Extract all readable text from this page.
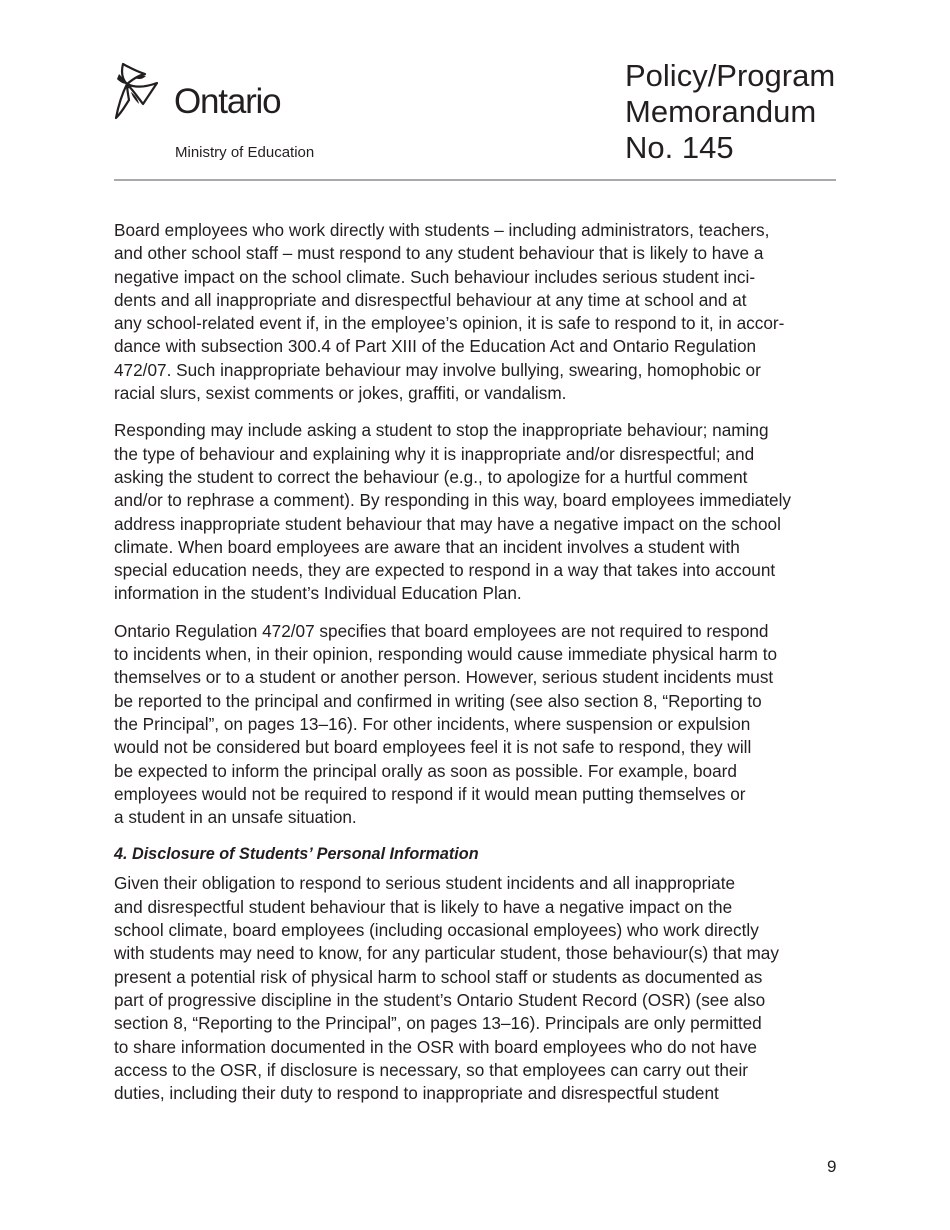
Ontario
Ministry of Education
Policy/Program
Memorandum
No. 145

Board employees who work directly with students – including administrators, teachers,
and other school staff – must respond to any student behaviour that is likely to have a
negative impact on the school climate. Such behaviour includes serious student inci-
dents and all inappropriate and disrespectful behaviour at any time at school and at
any school-related event if, in the employee’s opinion, it is safe to respond to it, in accor-
dance with subsection 300.4 of Part XIII of the Education Act and Ontario Regulation
472/07. Such inappropriate behaviour may involve bullying, swearing, homophobic or
racial slurs, sexist comments or jokes, graffiti, or vandalism.

Responding may include asking a student to stop the inappropriate behaviour; naming
the type of behaviour and explaining why it is inappropriate and/or disrespectful; and
asking the student to correct the behaviour (e.g., to apologize for a hurtful comment
and/or to rephrase a comment). By responding in this way, board employees immediately
address inappropriate student behaviour that may have a negative impact on the school
climate. When board employees are aware that an incident involves a student with
special education needs, they are expected to respond in a way that takes into account
information in the student’s Individual Education Plan.

Ontario Regulation 472/07 specifies that board employees are not required to respond
to incidents when, in their opinion, responding would cause immediate physical harm to
themselves or to a student or another person. However, serious student incidents must
be reported to the principal and confirmed in writing (see also section 8, “Reporting to
the Principal”, on pages 13–16). For other incidents, where suspension or expulsion
would not be considered but board employees feel it is not safe to respond, they will
be expected to inform the principal orally as soon as possible. For example, board
employees would not be required to respond if it would mean putting themselves or
a student in an unsafe situation.

4. Disclosure of Students’ Personal Information

Given their obligation to respond to serious student incidents and all inappropriate
and disrespectful student behaviour that is likely to have a negative impact on the
school climate, board employees (including occasional employees) who work directly
with students may need to know, for any particular student, those behaviour(s) that may
present a potential risk of physical harm to school staff or students as documented as
part of progressive discipline in the student’s Ontario Student Record (OSR) (see also
section 8, “Reporting to the Principal”, on pages 13–16). Principals are only permitted
to share information documented in the OSR with board employees who do not have
access to the OSR, if disclosure is necessary, so that employees can carry out their
duties, including their duty to respond to inappropriate and disrespectful student

9
